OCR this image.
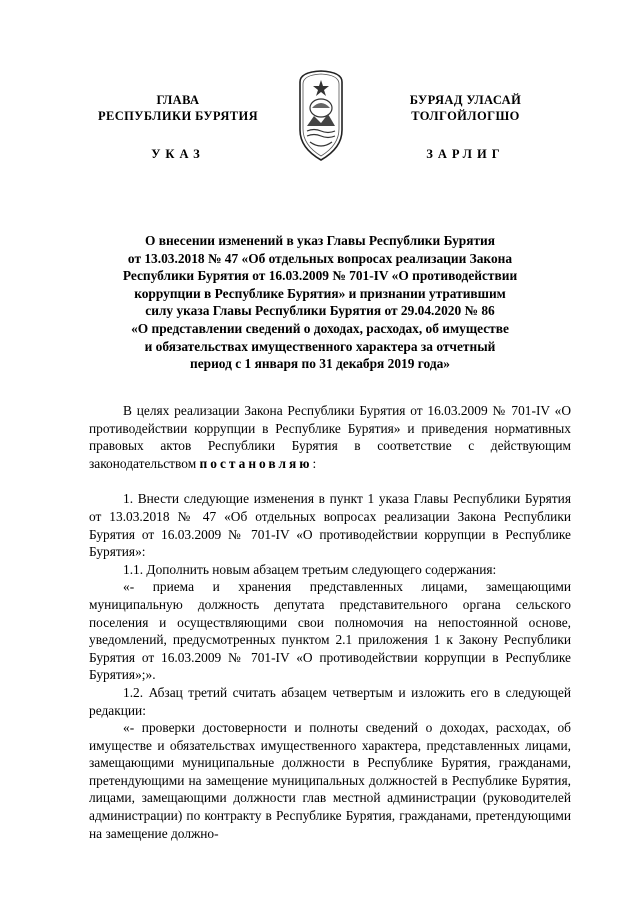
ГЛАВА
РЕСПУБЛИКИ БУРЯТИЯ
УКАЗ
БУРЯАД УЛАСАЙ
ТОЛГОЙЛОГШО
ЗАРЛИГ

О внесении изменений в указ Главы Республики Бурятия

от 13.03.2018 № 47 «Об отдельных вопросах реализации Закона

Республики Бурятия от 16.03.2009 № 701-IV «О противодействии

коррупции в Республике Бурятия» и признании утратившим

силу указа Главы Республики Бурятия от 29.04.2020 № 86

«О представлении сведений о доходах, расходах, об имуществе

и обязательствах имущественного характера за отчетный

период с 1 января по 31 декабря 2019 года»

В целях реализации Закона Республики Бурятия от 16.03.2009 № 701-IV «О противодействии коррупции в Республике Бурятия» и приведения нормативных правовых актов Республики Бурятия в соответствие с действующим законодательством постановляю:

1. Внести следующие изменения в пункт 1 указа Главы Республики Бурятия от 13.03.2018 № 47 «Об отдельных вопросах реализации Закона Республики Бурятия от 16.03.2009 № 701-IV «О противодействии коррупции в Республике Бурятия»:

1.1. Дополнить новым абзацем третьим следующего содержания:

«- приема и хранения представленных лицами, замещающими муниципальную должность депутата представительного органа сельского поселения и осуществляющими свои полномочия на непостоянной основе, уведомлений, предусмотренных пунктом 2.1 приложения 1 к Закону Республики Бурятия от 16.03.2009 № 701-IV «О противодействии коррупции в Республике Бурятия»;».

1.2. Абзац третий считать абзацем четвертым и изложить его в следующей редакции:

«- проверки достоверности и полноты сведений о доходах, расходах, об имуществе и обязательствах имущественного характера, представленных лицами, замещающими муниципальные должности в Республике Бурятия, гражданами, претендующими на замещение муниципальных должностей в Республике Бурятия, лицами, замещающими должности глав местной администрации (руководителей администрации) по контракту в Республике Бурятия, гражданами, претендующими на замещение должно-
